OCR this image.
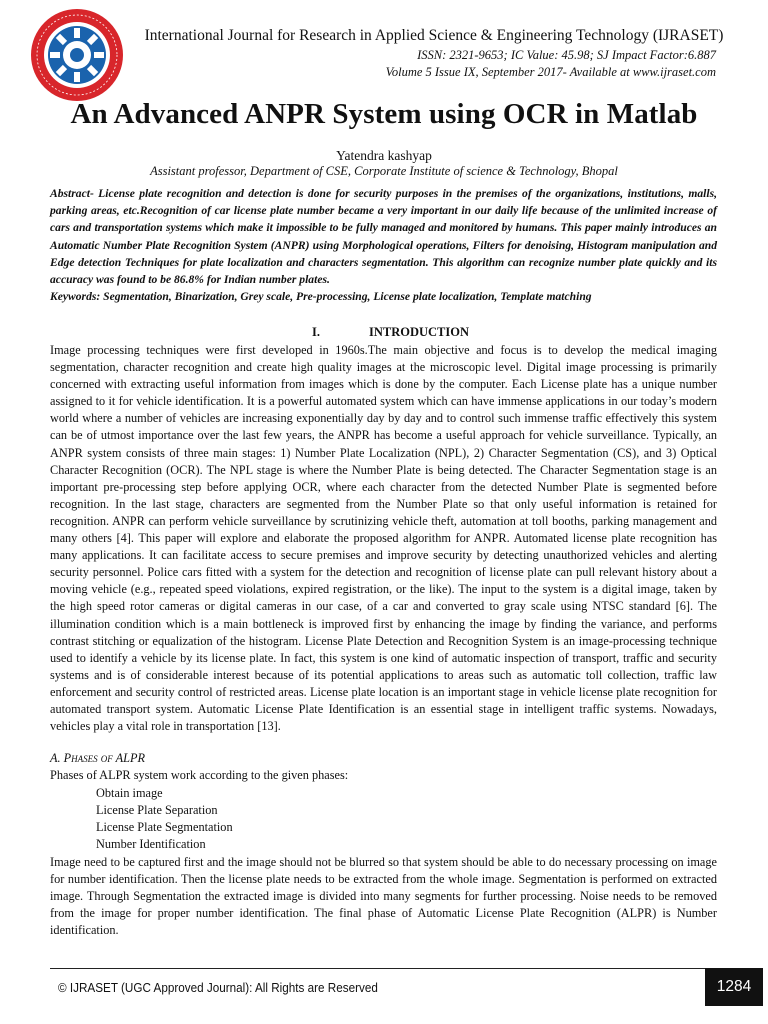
International Journal for Research in Applied Science & Engineering Technology (IJRASET)
ISSN: 2321-9653; IC Value: 45.98; SJ Impact Factor:6.887
Volume 5 Issue IX, September 2017- Available at www.ijraset.com
An Advanced ANPR System using OCR in Matlab
Yatendra kashyap
Assistant professor, Department of CSE, Corporate Institute of science & Technology, Bhopal

Abstract- License plate recognition and detection is done for security purposes in the premises of the organizations, institutions, malls, parking areas, etc.Recognition of car license plate number became a very important in our daily life because of the unlimited increase of cars and transportation systems which make it impossible to be fully managed and monitored by humans. This paper mainly introduces an Automatic Number Plate Recognition System (ANPR) using Morphological operations, Filters for denoising, Histogram manipulation and Edge detection Techniques for plate localization and characters segmentation. This algorithm can recognize number plate quickly and its accuracy was found to be 86.8% for Indian number plates.

Keywords: Segmentation, Binarization, Grey scale, Pre-processing, License plate localization, Template matching

I.	INTRODUCTION

Image processing techniques were first developed in 1960s.The main objective and focus is to develop the medical imaging segmentation, character recognition and create high quality images at the microscopic level. Digital image processing is primarily concerned with extracting useful information from images which is done by the computer. Each License plate has a unique number assigned to it for vehicle identification. It is a powerful automated system which can have immense applications in our today’s modern world where a number of vehicles are increasing exponentially day by day and to control such immense traffic effectively this system can be of utmost importance over the last few years, the ANPR has become a useful approach for vehicle surveillance. Typically, an ANPR system consists of three main stages: 1) Number Plate Localization (NPL), 2) Character Segmentation (CS), and 3) Optical Character Recognition (OCR). The NPL stage is where the Number Plate is being detected. The Character Segmentation stage is an important pre-processing step before applying OCR, where each character from the detected Number Plate is segmented before recognition. In the last stage, characters are segmented from the Number Plate so that only useful information is retained for recognition. ANPR can perform vehicle surveillance by scrutinizing vehicle theft, automation at toll booths, parking management and many others [4]. This paper will explore and elaborate the proposed algorithm for ANPR. Automated license plate recognition has many applications. It can facilitate access to secure premises and improve security by detecting unauthorized vehicles and alerting security personnel. Police cars fitted with a system for the detection and recognition of license plate can pull relevant history about a moving vehicle (e.g., repeated speed violations, expired registration, or the like). The input to the system is a digital image, taken by the high speed rotor cameras or digital cameras in our case, of a car and converted to gray scale using NTSC standard [6]. The illumination condition which is a main bottleneck is improved first by enhancing the image by finding the variance, and performs contrast stitching or equalization of the histogram. License Plate Detection and Recognition System is an image-processing technique used to identify a vehicle by its license plate. In fact, this system is one kind of automatic inspection of transport, traffic and security systems and is of considerable interest because of its potential applications to areas such as automatic toll collection, traffic law enforcement and security control of restricted areas. License plate location is an important stage in vehicle license plate recognition for automated transport system. Automatic License Plate Identification is an essential stage in intelligent traffic systems. Nowadays, vehicles play a vital role in transportation [13].

A. Phases of ALPR
Phases of ALPR system work according to the given phases:
Obtain image
License Plate Separation
License Plate Segmentation
Number Identification

Image need to be captured first and the image should not be blurred so that system should be able to do necessary processing on image for number identification. Then the license plate needs to be extracted from the whole image. Segmentation is performed on extracted image. Through Segmentation the extracted image is divided into many segments for further processing. Noise needs to be removed from the image for proper number identification. The final phase of Automatic License Plate Recognition (ALPR) is Number identification.

© IJRASET (UGC Approved Journal): All Rights are Reserved	1284
